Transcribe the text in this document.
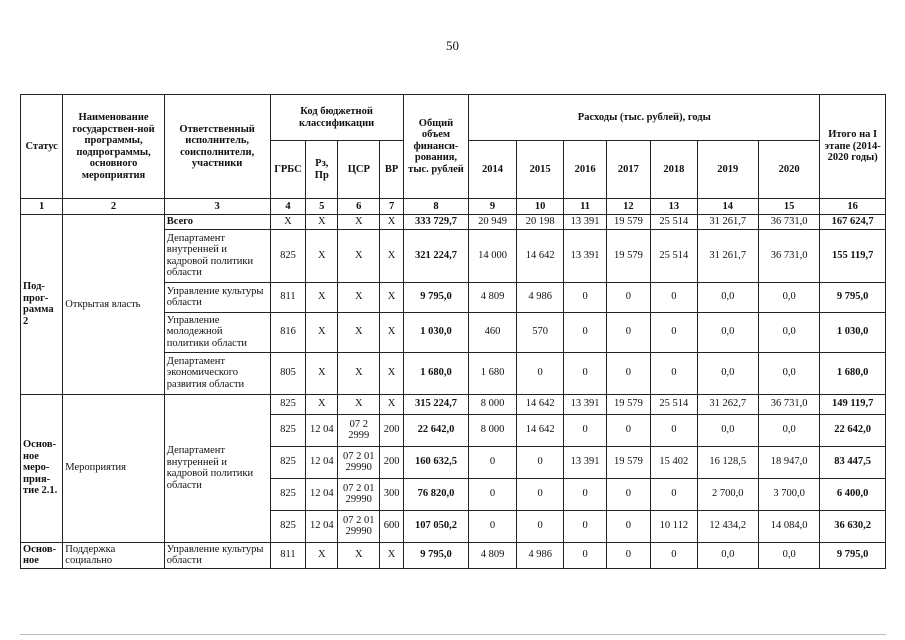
50
Статус	Наименование государствен-ной программы, подпрограммы, основного мероприятия	Ответственный исполнитель, соисполнители, участники	Код бюджетной классификации				Общий объем финанси-рования, тыс. рублей	Расходы (тыс. рублей), годы							Итого на I этапе (2014-2020 годы)
			ГРБС	Рз, Пр	ЦСР	ВР		2014	2015	2016	2017	2018	2019	2020	
1	2	3	4	5	6	7	8	9	10	11	12	13	14	15	16
Под-прог-рамма 2	Открытая власть	Всего	X	X	X	X	333 729,7	20 949	20 198	13 391	19 579	25 514	31 261,7	36 731,0	167 624,7
		Департамент внутренней и кадровой политики области	825	X	X	X	321 224,7	14 000	14 642	13 391	19 579	25 514	31 261,7	36 731,0	155 119,7
		Управление культуры области	811	X	X	X	9 795,0	4 809	4 986	0	0	0	0,0	0,0	9 795,0
		Управление молодежной политики области	816	X	X	X	1 030,0	460	570	0	0	0	0,0	0,0	1 030,0
		Департамент экономического развития области	805	X	X	X	1 680,0	1 680	0	0	0	0	0,0	0,0	1 680,0
Основ-ное меро-прия-тие 2.1.	Мероприятия	Департамент внутренней и кадровой политики области	825	X	X	X	315 224,7	8 000	14 642	13 391	19 579	25 514	31 262,7	36 731,0	149 119,7
			825	12 04	07 2 2999	200	22 642,0	8 000	14 642	0	0	0	0,0	0,0	22 642,0
			825	12 04	07 2 01 29990	200	160 632,5	0	0	13 391	19 579	15 402	16 128,5	18 947,0	83 447,5
			825	12 04	07 2 01 29990	300	76 820,0	0	0	0	0	0	2 700,0	3 700,0	6 400,0
			825	12 04	07 2 01 29990	600	107 050,2	0	0	0	0	10 112	12 434,2	14 084,0	36 630,2
Основ-ное	Поддержка социально	Управление культуры области	811	X	X	X	9 795,0	4 809	4 986	0	0	0	0,0	0,0	9 795,0
